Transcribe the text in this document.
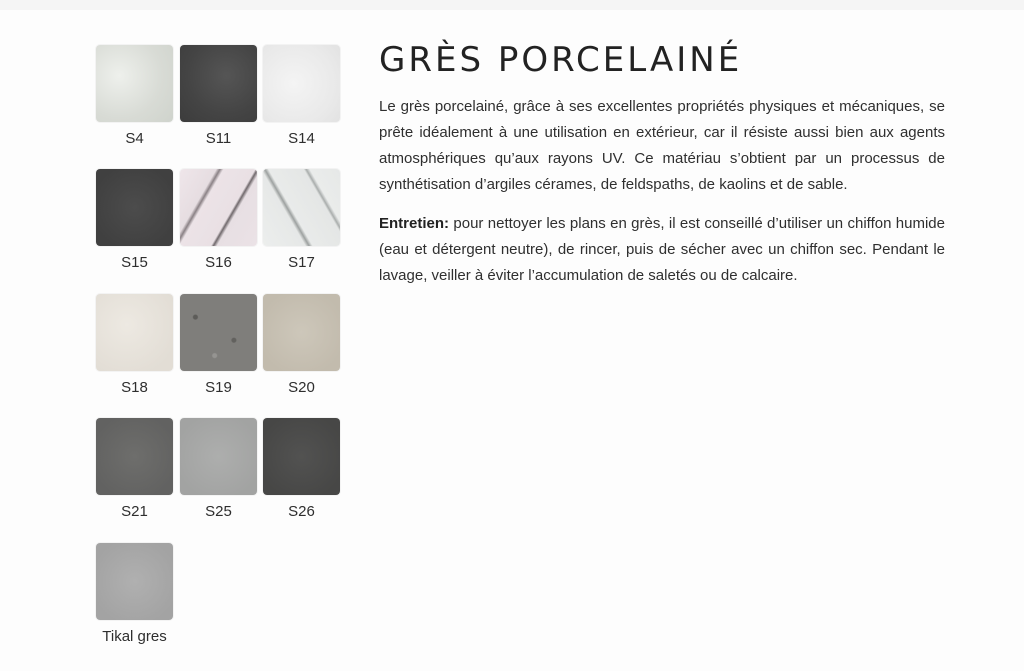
S4	S11	S14
S15	S16	S17
S18	S19	S20
S21	S25	S26
Tikal gres
GRÈS PORCELAINÉ

Le grès porcelainé, grâce à ses excellentes propriétés physiques et mécaniques, se prête idéalement à une utilisation en extérieur, car il résiste aussi bien aux agents atmosphériques qu’aux rayons UV. Ce matériau s’obtient par un processus de synthétisation d’argiles cérames, de feldspaths, de kaolins et de sable.

Entretien: pour nettoyer les plans en grès, il est conseillé d’utiliser un chiffon humide (eau et détergent neutre), de rincer, puis de sécher avec un chiffon sec. Pendant le lavage, veiller à éviter l’accumulation de saletés ou de calcaire.
